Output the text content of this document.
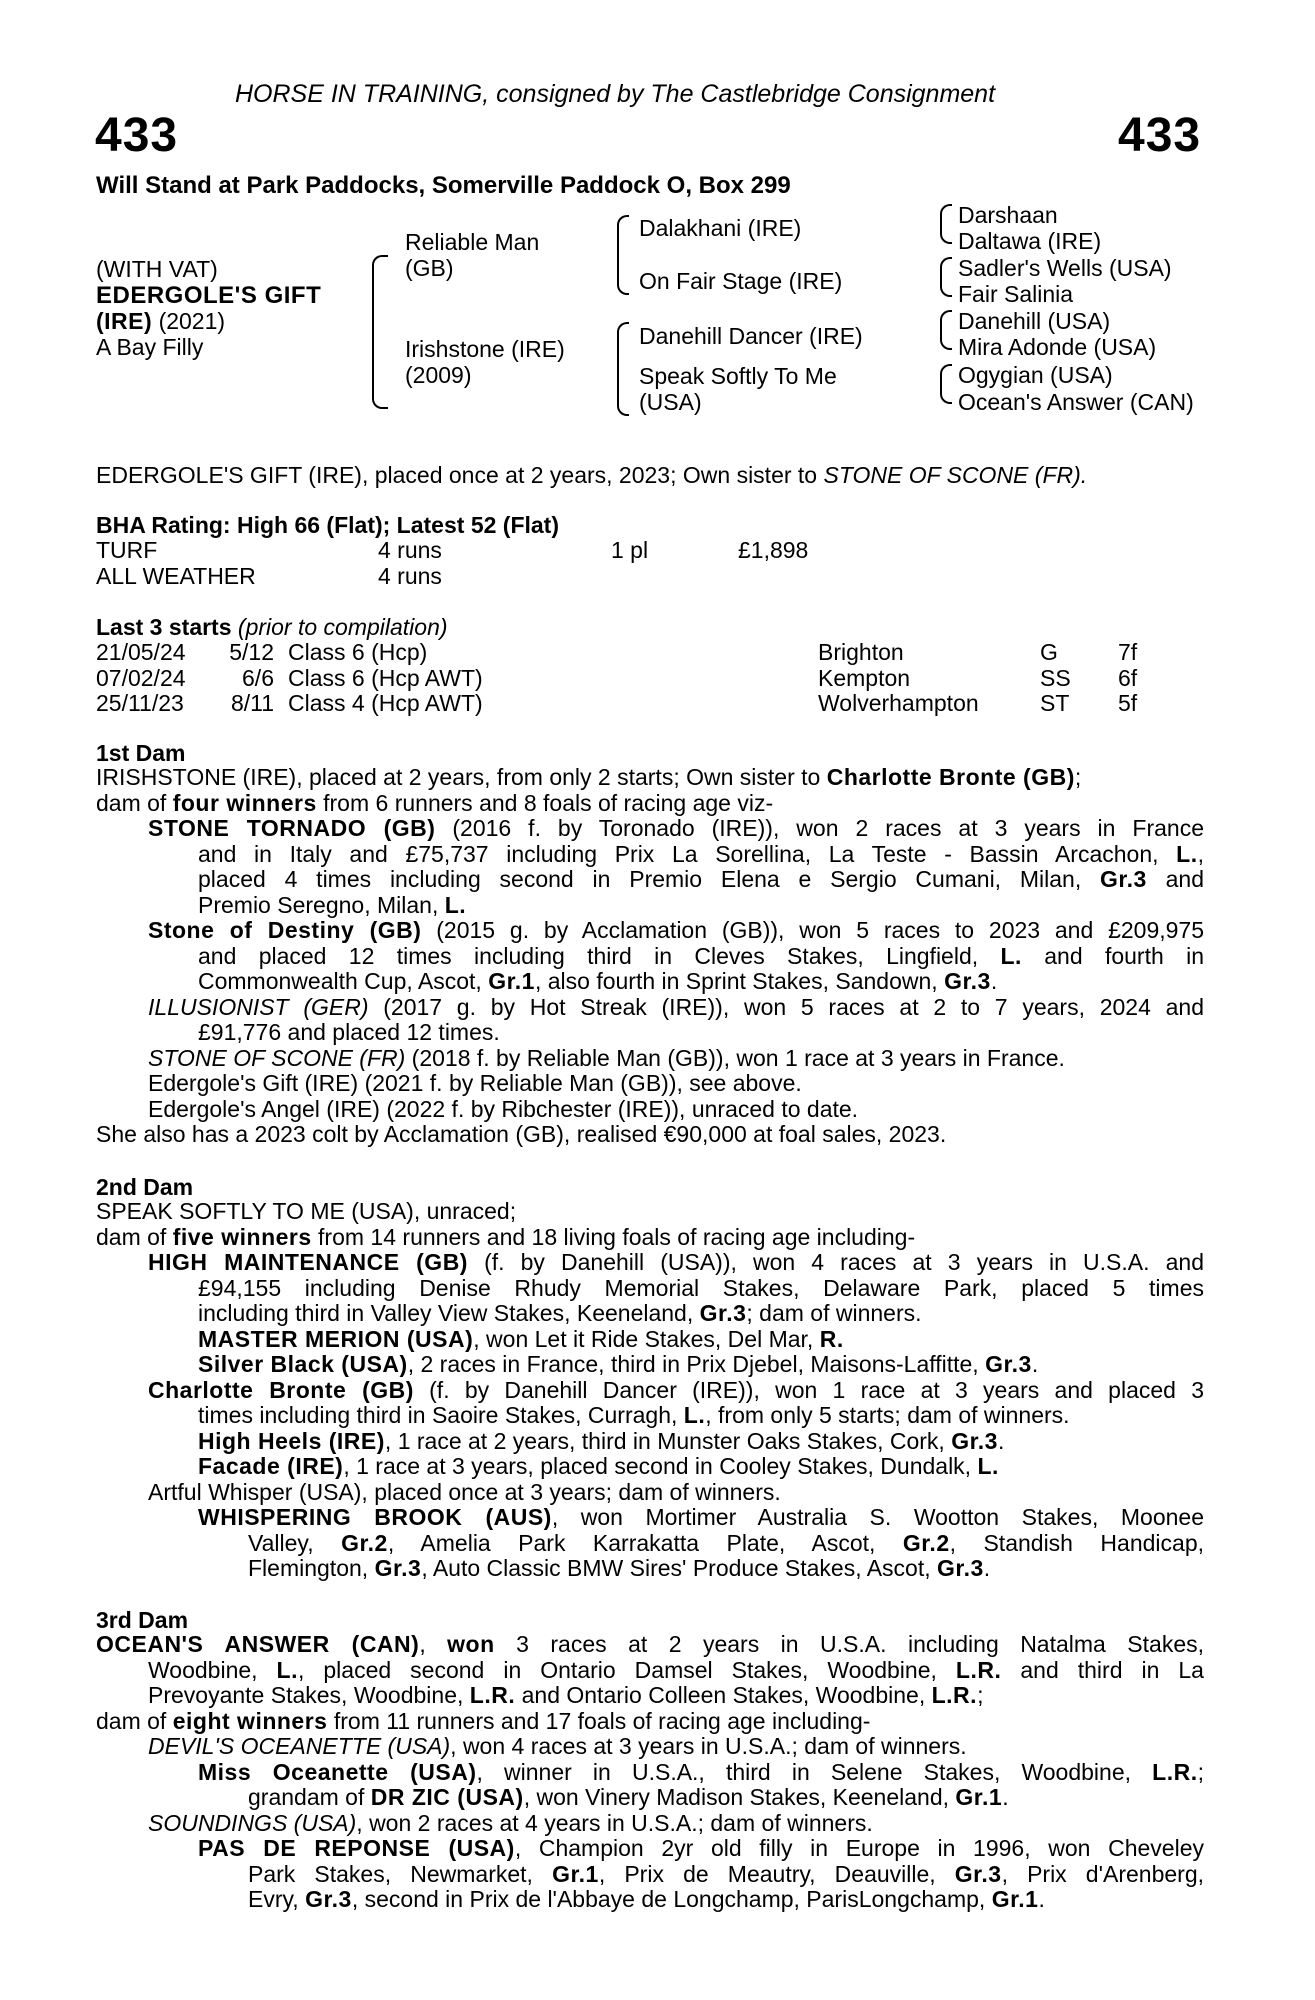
HORSE IN TRAINING, consigned by The Castlebridge Consignment
433	433
Will Stand at Park Paddocks, Somerville Paddock O, Box 299
(WITH VAT)
EDERGOLE'S GIFT
(IRE) (2021)
A Bay Filly
Reliable Man
(GB)
Irishstone (IRE)
(2009)
Dalakhani (IRE)
On Fair Stage (IRE)
Danehill Dancer (IRE)
Speak Softly To Me
(USA)
Darshaan
Daltawa (IRE)
Sadler's Wells (USA)
Fair Salinia
Danehill (USA)
Mira Adonde (USA)
Ogygian (USA)
Ocean's Answer (CAN)
EDERGOLE'S GIFT (IRE), placed once at 2 years, 2023; Own sister to STONE OF SCONE (FR).
BHA Rating: High 66 (Flat); Latest 52 (Flat)
TURF	4 runs	1 pl	£1,898
ALL WEATHER	4 runs
Last 3 starts (prior to compilation)
21/05/24	5/12 Class 6 (Hcp)	Brighton	G	7f
07/02/24	6/6 Class 6 (Hcp AWT)	Kempton	SS 6f
25/11/23	8/11 Class 4 (Hcp AWT)	Wolverhampton	ST 5f
1st Dam
IRISHSTONE (IRE), placed at 2 years, from only 2 starts; Own sister to Charlotte Bronte (GB);
dam of four winners from 6 runners and 8 foals of racing age viz-
STONE TORNADO (GB) (2016 f. by Toronado (IRE)), won 2 races at 3 years in France
and in Italy and £75,737 including Prix La Sorellina, La Teste - Bassin Arcachon, L.,
placed 4 times including second in Premio Elena e Sergio Cumani, Milan, Gr.3 and
Premio Seregno, Milan, L.
Stone of Destiny (GB) (2015 g. by Acclamation (GB)), won 5 races to 2023 and £209,975
and placed 12 times including third in Cleves Stakes, Lingfield, L. and fourth in
Commonwealth Cup, Ascot, Gr.1, also fourth in Sprint Stakes, Sandown, Gr.3.
ILLUSIONIST (GER) (2017 g. by Hot Streak (IRE)), won 5 races at 2 to 7 years, 2024 and
£91,776 and placed 12 times.
STONE OF SCONE (FR) (2018 f. by Reliable Man (GB)), won 1 race at 3 years in France.
Edergole's Gift (IRE) (2021 f. by Reliable Man (GB)), see above.
Edergole's Angel (IRE) (2022 f. by Ribchester (IRE)), unraced to date.
She also has a 2023 colt by Acclamation (GB), realised €90,000 at foal sales, 2023.
2nd Dam
SPEAK SOFTLY TO ME (USA), unraced;
dam of five winners from 14 runners and 18 living foals of racing age including-
HIGH MAINTENANCE (GB) (f. by Danehill (USA)), won 4 races at 3 years in U.S.A. and
£94,155 including Denise Rhudy Memorial Stakes, Delaware Park, placed 5 times
including third in Valley View Stakes, Keeneland, Gr.3; dam of winners.
MASTER MERION (USA), won Let it Ride Stakes, Del Mar, R.
Silver Black (USA), 2 races in France, third in Prix Djebel, Maisons-Laffitte, Gr.3.
Charlotte Bronte (GB) (f. by Danehill Dancer (IRE)), won 1 race at 3 years and placed 3
times including third in Saoire Stakes, Curragh, L., from only 5 starts; dam of winners.
High Heels (IRE), 1 race at 2 years, third in Munster Oaks Stakes, Cork, Gr.3.
Facade (IRE), 1 race at 3 years, placed second in Cooley Stakes, Dundalk, L.
Artful Whisper (USA), placed once at 3 years; dam of winners.
WHISPERING BROOK (AUS), won Mortimer Australia S. Wootton Stakes, Moonee
Valley, Gr.2, Amelia Park Karrakatta Plate, Ascot, Gr.2, Standish Handicap,
Flemington, Gr.3, Auto Classic BMW Sires' Produce Stakes, Ascot, Gr.3.
3rd Dam
OCEAN'S ANSWER (CAN), won 3 races at 2 years in U.S.A. including Natalma Stakes,
Woodbine, L., placed second in Ontario Damsel Stakes, Woodbine, L.R. and third in La
Prevoyante Stakes, Woodbine, L.R. and Ontario Colleen Stakes, Woodbine, L.R.;
dam of eight winners from 11 runners and 17 foals of racing age including-
DEVIL'S OCEANETTE (USA), won 4 races at 3 years in U.S.A.; dam of winners.
Miss Oceanette (USA), winner in U.S.A., third in Selene Stakes, Woodbine, L.R.;
grandam of DR ZIC (USA), won Vinery Madison Stakes, Keeneland, Gr.1.
SOUNDINGS (USA), won 2 races at 4 years in U.S.A.; dam of winners.
PAS DE REPONSE (USA), Champion 2yr old filly in Europe in 1996, won Cheveley
Park Stakes, Newmarket, Gr.1, Prix de Meautry, Deauville, Gr.3, Prix d'Arenberg,
Evry, Gr.3, second in Prix de l'Abbaye de Longchamp, ParisLongchamp, Gr.1.
